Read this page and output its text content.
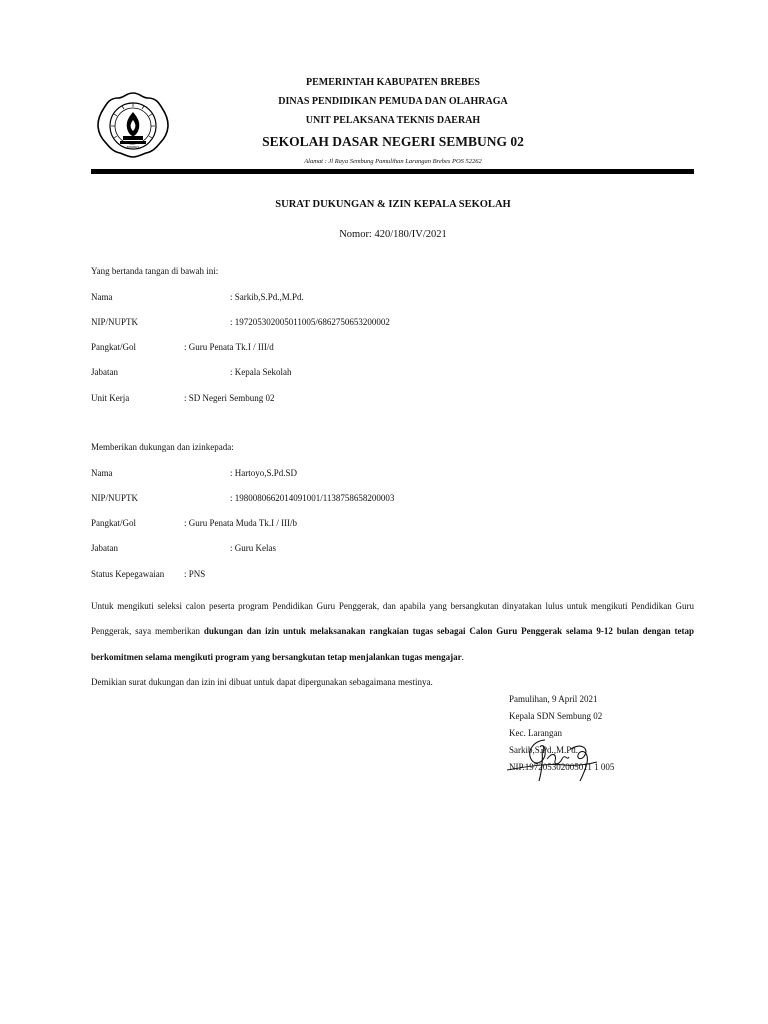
BREBES
PEMERINTAH KABUPATEN BREBES
DINAS PENDIDIKAN PEMUDA DAN OLAHRAGA
UNIT PELAKSANA TEKNIS DAERAH
SEKOLAH DASAR NEGERI SEMBUNG 02
Alamat : Jl Raya Sembung Pamulihan Larangan Brebes POS 52262
SURAT DUKUNGAN & IZIN KEPALA SEKOLAH
Nomor: 420/180/IV/2021
Yang bertanda tangan di bawah ini:
Nama	: Sarkib,S.Pd.,M.Pd.
NIP/NUPTK	: 197205302005011005/6862750653200002
Pangkat/Gol	: Guru Penata Tk.I / III/d
Jabatan	: Kepala Sekolah
Unit Kerja	: SD Negeri Sembung 02
Memberikan dukungan dan izinkepada:
Nama	: Hartoyo,S.Pd.SD
NIP/NUPTK	: 198008066201409100​1/1138758658200003
Pangkat/Gol	: Guru Penata Muda Tk.I / III/b
Jabatan	: Guru Kelas
Status Kepegawaian : PNS
Untuk mengikuti seleksi calon peserta program Pendidikan Guru Penggerak, dan apabila yang bersangkutan dinyatakan lulus untuk mengikuti Pendidikan Guru
Penggerak, saya memberikan dukungan dan izin untuk melaksanakan rangkaian tugas sebagai Calon Guru Penggerak selama 9-12 bulan dengan tetap
berkomitmen selama mengikuti program yang bersangkutan tetap menjalankan tugas mengajar.
Demikian surat dukungan dan izin ini dibuat untuk dapat dipergunakan sebagaimana mestinya.
Pamulihan, 9 April 2021
Kepala SDN Sembung 02
Kec. Larangan
Sarkib,S.Pd.,M.Pd.
NIP.197205302005011 1 005
